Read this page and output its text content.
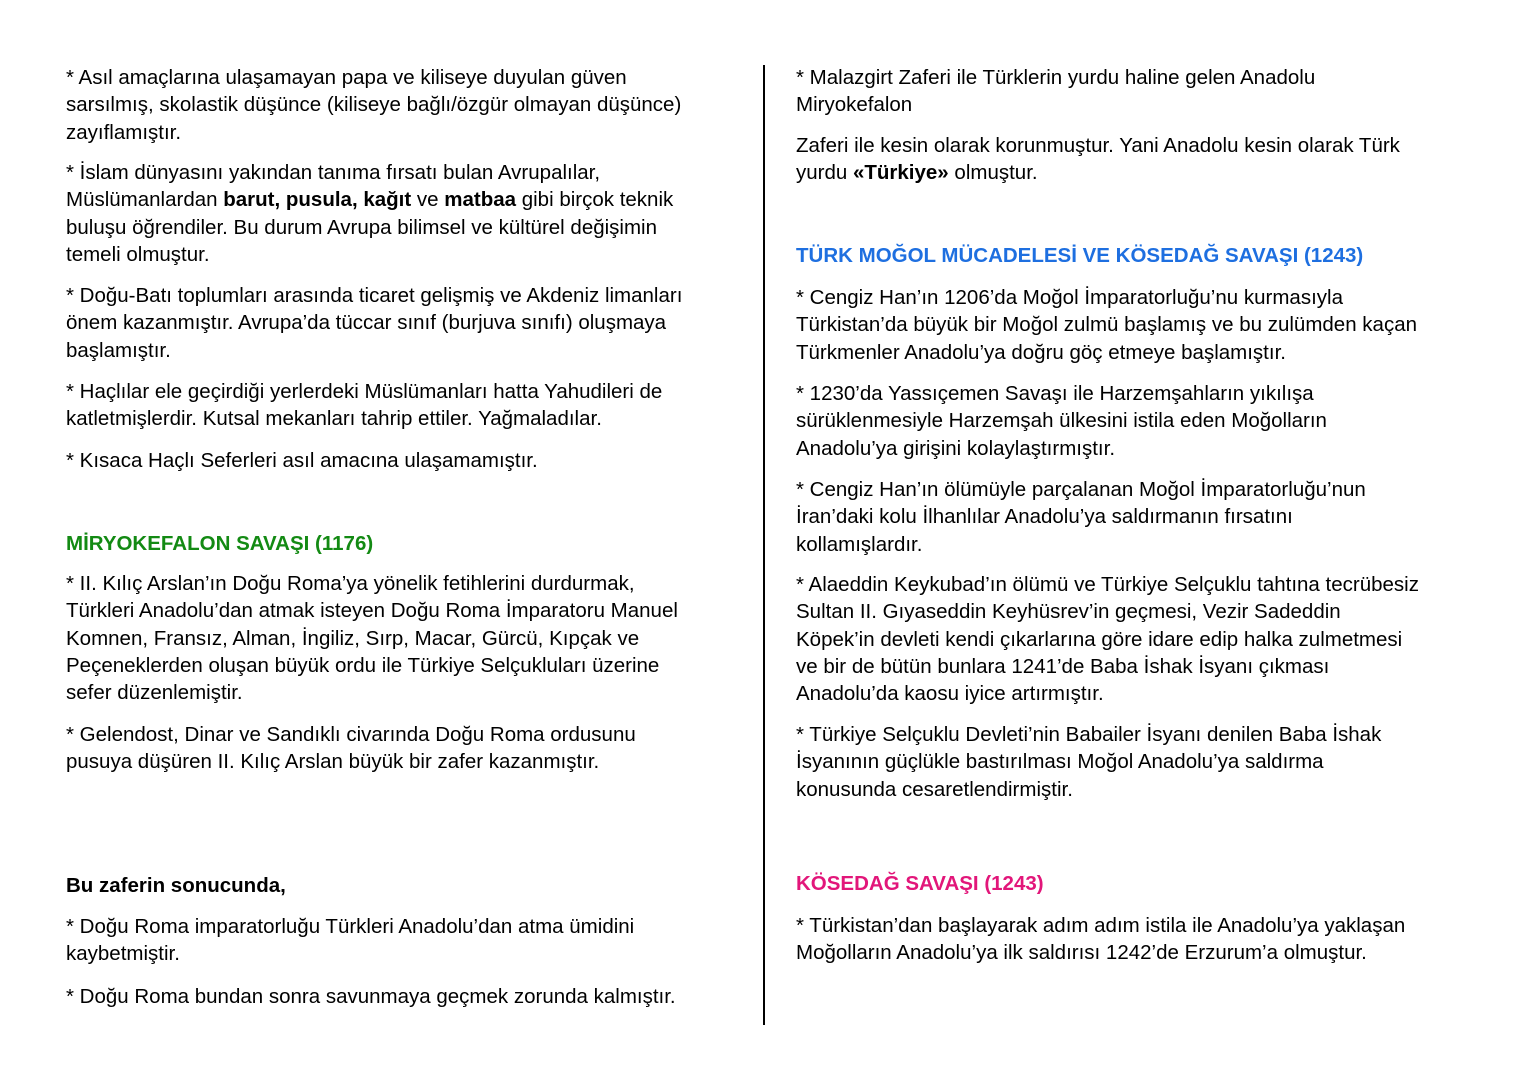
* Asıl amaçlarına ulaşamayan papa ve kiliseye duyulan güven
sarsılmış, skolastik düşünce (kiliseye bağlı/özgür olmayan düşünce)
zayıflamıştır.

* İslam dünyasını yakından tanıma fırsatı bulan Avrupalılar,
Müslümanlardan barut, pusula, kağıt ve matbaa gibi birçok teknik
buluşu öğrendiler. Bu durum Avrupa bilimsel ve kültürel değişimin
temeli olmuştur.

* Doğu-Batı toplumları arasında ticaret gelişmiş ve Akdeniz limanları
önem kazanmıştır. Avrupa’da tüccar sınıf (burjuva sınıfı) oluşmaya
başlamıştır.

* Haçlılar ele geçirdiği yerlerdeki Müslümanları hatta Yahudileri de
katletmişlerdir. Kutsal mekanları tahrip ettiler. Yağmaladılar.

* Kısaca Haçlı Seferleri asıl amacına ulaşamamıştır.

MİRYOKEFALON SAVAŞI (1176)

* II. Kılıç Arslan’ın Doğu Roma’ya yönelik fetihlerini durdurmak,
Türkleri Anadolu’dan atmak isteyen Doğu Roma İmparatoru Manuel
Komnen, Fransız, Alman, İngiliz, Sırp, Macar, Gürcü, Kıpçak ve
Peçeneklerden oluşan büyük ordu ile Türkiye Selçukluları üzerine
sefer düzenlemiştir.

* Gelendost, Dinar ve Sandıklı civarında Doğu Roma ordusunu
pusuya düşüren II. Kılıç Arslan büyük bir zafer kazanmıştır.

Bu zaferin sonucunda,

* Doğu Roma imparatorluğu Türkleri Anadolu’dan atma ümidini
kaybetmiştir.

* Doğu Roma bundan sonra savunmaya geçmek zorunda kalmıştır.

* Malazgirt Zaferi ile Türklerin yurdu haline gelen Anadolu
Miryokefalon

Zaferi ile kesin olarak korunmuştur. Yani Anadolu kesin olarak Türk
yurdu «Türkiye» olmuştur.

TÜRK MOĞOL MÜCADELESİ VE KÖSEDAĞ SAVAŞI (1243)

* Cengiz Han’ın 1206’da Moğol İmparatorluğu’nu kurmasıyla
Türkistan’da büyük bir Moğol zulmü başlamış ve bu zulümden kaçan
Türkmenler Anadolu’ya doğru göç etmeye başlamıştır.

* 1230’da Yassıçemen Savaşı ile Harzemşahların yıkılışa
sürüklenmesiyle Harzemşah ülkesini istila eden Moğolların
Anadolu’ya girişini kolaylaştırmıştır.

* Cengiz Han’ın ölümüyle parçalanan Moğol İmparatorluğu’nun
İran’daki kolu İlhanlılar Anadolu’ya saldırmanın fırsatını
kollamışlardır.

* Alaeddin Keykubad’ın ölümü ve Türkiye Selçuklu tahtına tecrübesiz
Sultan II. Gıyaseddin Keyhüsrev’in geçmesi, Vezir Sadeddin
Köpek’in devleti kendi çıkarlarına göre idare edip halka zulmetmesi
ve bir de bütün bunlara 1241’de Baba İshak İsyanı çıkması
Anadolu’da kaosu iyice artırmıştır.

* Türkiye Selçuklu Devleti’nin Babailer İsyanı denilen Baba İshak
İsyanının güçlükle bastırılması Moğol Anadolu’ya saldırma
konusunda cesaretlendirmiştir.

KÖSEDAĞ SAVAŞI (1243)

* Türkistan’dan başlayarak adım adım istila ile Anadolu’ya yaklaşan
Moğolların Anadolu’ya ilk saldırısı 1242’de Erzurum’a olmuştur.
